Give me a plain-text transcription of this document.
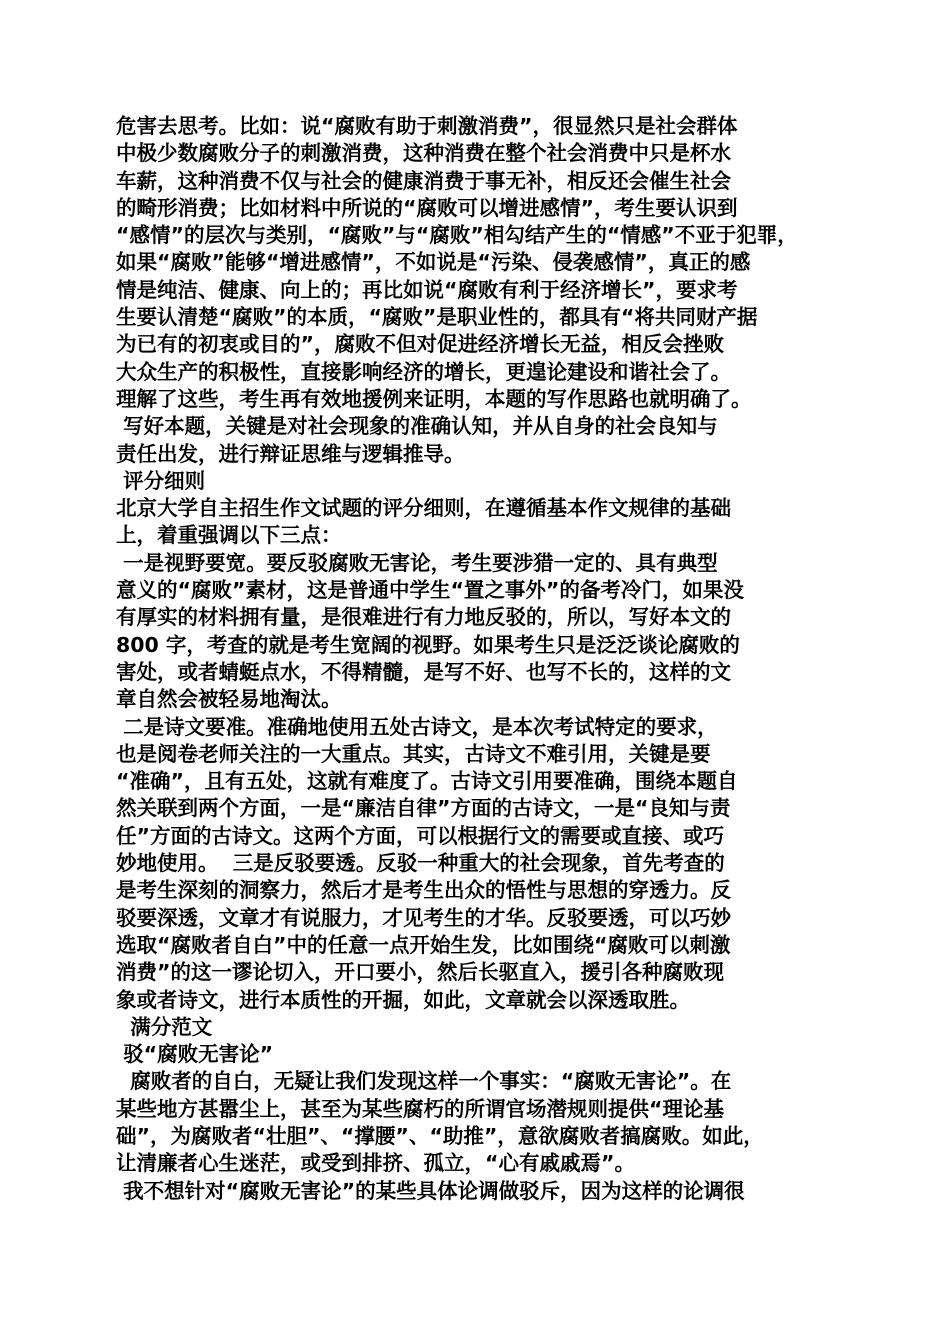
危害去思考。比如：说“腐败有助于刺激消费”，很显然只是社会群体
中极少数腐败分子的刺激消费，这种消费在整个社会消费中只是杯水
车薪，这种消费不仅与社会的健康消费于事无补，相反还会催生社会
的畸形消费；比如材料中所说的“腐败可以增进感情”，考生要认识到
“感情”的层次与类别，“腐败”与“腐败”相勾结产生的“情感”不亚于犯罪，
如果“腐败”能够“增进感情”，不如说是“污染、侵袭感情”，真正的感
情是纯洁、健康、向上的；再比如说“腐败有利于经济增长”，要求考
生要认清楚“腐败”的本质，“腐败”是职业性的，都具有“将共同财产据
为已有的初衷或目的”，腐败不但对促进经济增长无益，相反会挫败
大众生产的积极性，直接影响经济的增长，更遑论建设和谐社会了。
理解了这些，考生再有效地援例来证明，本题的写作思路也就明确了。
写好本题，关键是对社会现象的准确认知，并从自身的社会良知与
责任出发，进行辩证思维与逻辑推导。
评分细则
北京大学自主招生作文试题的评分细则，在遵循基本作文规律的基础
上，着重强调以下三点：
一是视野要宽。要反驳腐败无害论，考生要涉猎一定的、具有典型
意义的“腐败”素材，这是普通中学生“置之事外”的备考冷门，如果没
有厚实的材料拥有量，是很难进行有力地反驳的，所以，写好本文的
800 字，考查的就是考生宽阔的视野。如果考生只是泛泛谈论腐败的
害处，或者蜻蜓点水，不得精髓，是写不好、也写不长的，这样的文
章自然会被轻易地淘汰。
二是诗文要准。准确地使用五处古诗文，是本次考试特定的要求，
也是阅卷老师关注的一大重点。其实，古诗文不难引用，关键是要
“准确”，且有五处，这就有难度了。古诗文引用要准确，围绕本题自
然关联到两个方面，一是“廉洁自律”方面的古诗文，一是“良知与责
任”方面的古诗文。这两个方面，可以根据行文的需要或直接、或巧
妙地使用。  三是反驳要透。反驳一种重大的社会现象，首先考查的
是考生深刻的洞察力，然后才是考生出众的悟性与思想的穿透力。反
驳要深透，文章才有说服力，才见考生的才华。反驳要透，可以巧妙
选取“腐败者自白”中的任意一点开始生发，比如围绕“腐败可以刺激
消费”的这一谬论切入，开口要小，然后长驱直入，援引各种腐败现
象或者诗文，进行本质性的开掘，如此，文章就会以深透取胜。
满分范文
驳“腐败无害论”
腐败者的自白，无疑让我们发现这样一个事实：“腐败无害论”。在
某些地方甚嚣尘上，甚至为某些腐朽的所谓官场潜规则提供“理论基
础”，为腐败者“壮胆”、“撑腰”、“助推”，意欲腐败者搞腐败。如此，
让清廉者心生迷茫，或受到排挤、孤立，“心有戚戚焉”。
我不想针对“腐败无害论”的某些具体论调做驳斥，因为这样的论调很
